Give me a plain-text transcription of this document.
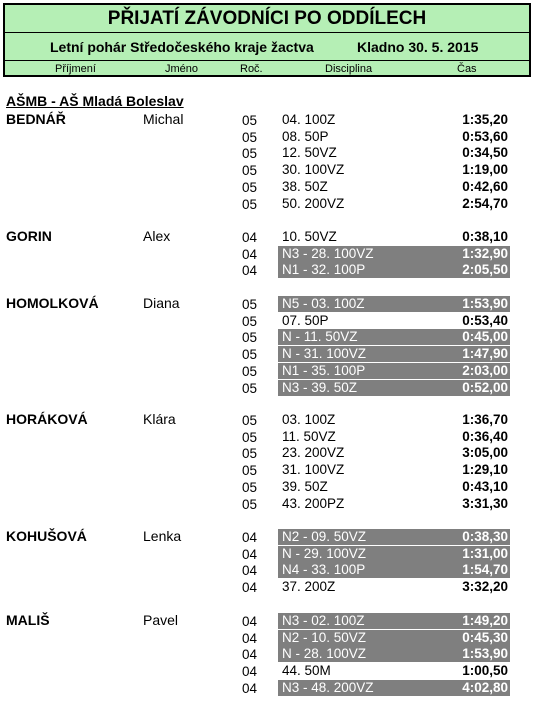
PŘIJATÍ ZÁVODNÍCI PO ODDÍLECH
Letní pohár Středočeského kraje žactva	Kladno 30. 5. 2015
Příjmení	Jméno	Roč.	Disciplina	Čas
AŠMB - AŠ Mladá Boleslav
BEDNÁŘ	Michal	05 04. 100Z	1:35,20
05 08. 50P	0:53,60
05 12. 50VZ	0:34,50
05 30. 100VZ	1:19,00
05 38. 50Z	0:42,60
05 50. 200VZ	2:54,70
GORIN	Alex	04 10. 50VZ	0:38,10
04 N3 - 28. 100VZ	1:32,90
04 N1 - 32. 100P	2:05,50
HOMOLKOVÁ	Diana	05 N5 - 03. 100Z	1:53,90
05 07. 50P	0:53,40
05 N - 11. 50VZ	0:45,00
05 N - 31. 100VZ	1:47,90
05 N1 - 35. 100P	2:03,00
05 N3 - 39. 50Z	0:52,00
HORÁKOVÁ	Klára	05 03. 100Z	1:36,70
05 11. 50VZ	0:36,40
05 23. 200VZ	3:05,00
05 31. 100VZ	1:29,10
05 39. 50Z	0:43,10
05 43. 200PZ	3:31,30
KOHUŠOVÁ	Lenka	04 N2 - 09. 50VZ	0:38,30
04 N - 29. 100VZ	1:31,00
04 N4 - 33. 100P	1:54,70
04 37. 200Z	3:32,20
MALIŠ	Pavel	04 N3 - 02. 100Z	1:49,20
04 N2 - 10. 50VZ	0:45,30
04 N - 28. 100VZ	1:53,90
04 44. 50M	1:00,50
04 N3 - 48. 200VZ	4:02,80
